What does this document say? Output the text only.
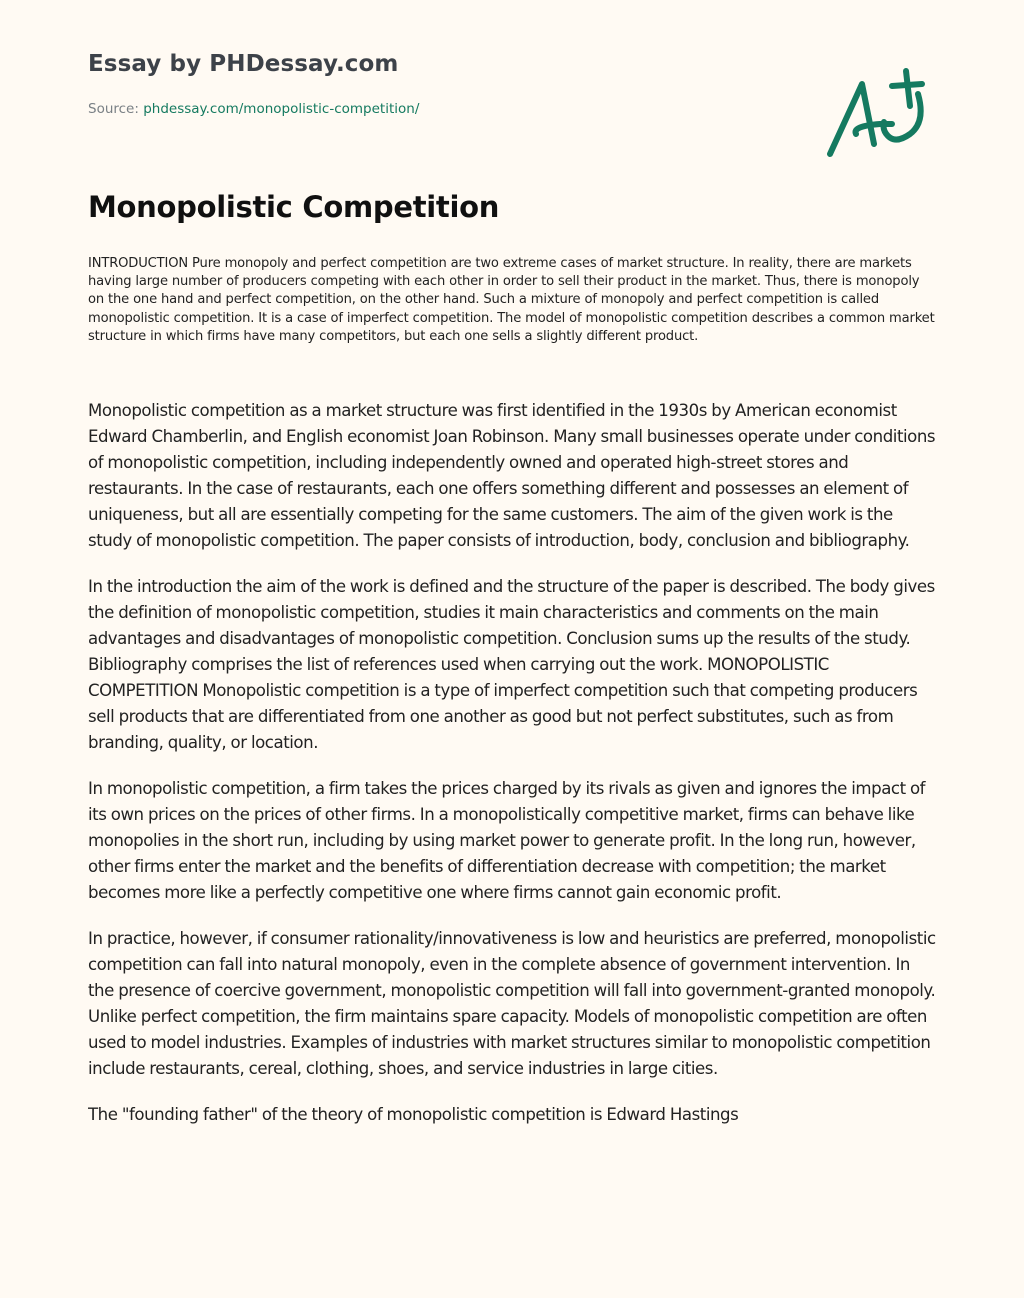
Essay by PHDessay.com
Source: phdessay.com/monopolistic-competition/
Monopolistic Competition

INTRODUCTION Pure monopoly and perfect competition are two extreme cases of market structure. In reality, there are markets having large number of producers competing with each other in order to sell their product in the market. Thus, there is monopoly on the one hand and perfect competition, on the other hand. Such a mixture of monopoly and perfect competition is called monopolistic competition. It is a case of imperfect competition. The model of monopolistic competition describes a common market structure in which firms have many competitors, but each one sells a slightly different product.

Monopolistic competition as a market structure was first identified in the 1930s by American economist Edward Chamberlin, and English economist Joan Robinson. Many small businesses operate under conditions of monopolistic competition, including independently owned and operated high-street stores and restaurants. In the case of restaurants, each one offers something different and possesses an element of uniqueness, but all are essentially competing for the same customers. The aim of the given work is the study of monopolistic competition. The paper consists of introduction, body, conclusion and bibliography.

In the introduction the aim of the work is defined and the structure of the paper is described. The body gives the definition of monopolistic competition, studies it main characteristics and comments on the main advantages and disadvantages of monopolistic competition. Conclusion sums up the results of the study. Bibliography comprises the list of references used when carrying out the work. MONOPOLISTIC COMPETITION Monopolistic competition is a type of imperfect competition such that competing producers sell products that are differentiated from one another as good but not perfect substitutes, such as from branding, quality, or location.

In monopolistic competition, a firm takes the prices charged by its rivals as given and ignores the impact of its own prices on the prices of other firms. In a monopolistically competitive market, firms can behave like monopolies in the short run, including by using market power to generate profit. In the long run, however, other firms enter the market and the benefits of differentiation decrease with competition; the market becomes more like a perfectly competitive one where firms cannot gain economic profit.

In practice, however, if consumer rationality/innovativeness is low and heuristics are preferred, monopolistic competition can fall into natural monopoly, even in the complete absence of government intervention. In the presence of coercive government, monopolistic competition will fall into government-granted monopoly. Unlike perfect competition, the firm maintains spare capacity. Models of monopolistic competition are often used to model industries. Examples of industries with market structures similar to monopolistic competition include restaurants, cereal, clothing, shoes, and service industries in large cities.

The "founding father" of the theory of monopolistic competition is Edward Hastings
